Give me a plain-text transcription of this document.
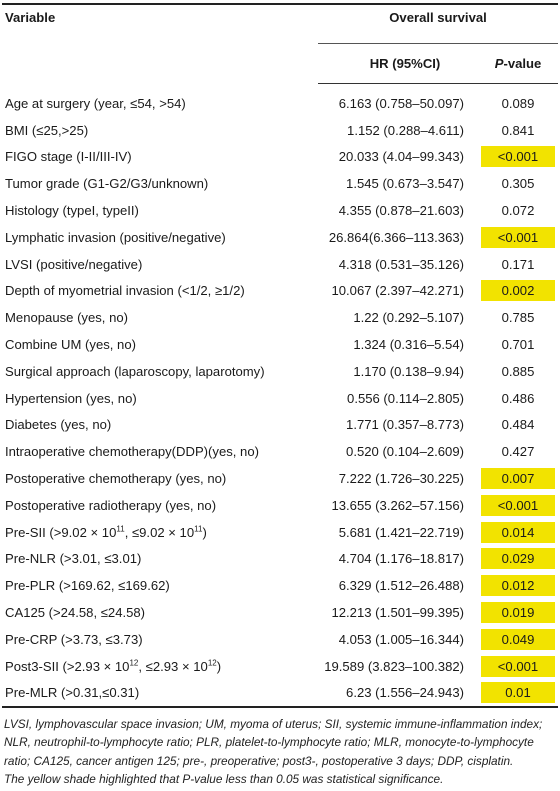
Variable	Overall survival	
	HR (95%CI)	P-value
Age at surgery (year, ≤54, >54)	6.163 (0.758–50.097)	0.089
BMI (≤25,>25)	1.152 (0.288–4.611)	0.841
FIGO stage (I-II/III-IV)	20.033 (4.04–99.343)	<0.001
Tumor grade (G1-G2/G3/unknown)	1.545 (0.673–3.547)	0.305
Histology (typeI, typeII)	4.355 (0.878–21.603)	0.072
Lymphatic invasion (positive/negative)	26.864(6.366–113.363)	<0.001
LVSI (positive/negative)	4.318 (0.531–35.126)	0.171
Depth of myometrial invasion (<1/2, ≥1/2)	10.067 (2.397–42.271)	0.002
Menopause (yes, no)	1.22 (0.292–5.107)	0.785
Combine UM (yes, no)	1.324 (0.316–5.54)	0.701
Surgical approach (laparoscopy, laparotomy)	1.170 (0.138–9.94)	0.885
Hypertension (yes, no)	0.556 (0.114–2.805)	0.486
Diabetes (yes, no)	1.771 (0.357–8.773)	0.484
Intraoperative chemotherapy(DDP)(yes, no)	0.520 (0.104–2.609)	0.427
Postoperative chemotherapy (yes, no)	7.222 (1.726–30.225)	0.007
Postoperative radiotherapy (yes, no)	13.655 (3.262–57.156)	<0.001
Pre-SII ($>9.02 \times 10^{11}$, $\le 9.02 \times 10^{11}$)	5.681 (1.421–22.719)	0.014
Pre-NLR (>3.01, ≤3.01)	4.704 (1.176–18.817)	0.029
Pre-PLR (>169.62, ≤169.62)	6.329 (1.512–26.488)	0.012
CA125 (>24.58, ≤24.58)	12.213 (1.501–99.395)	0.019
Pre-CRP (>3.73, ≤3.73)	4.053 (1.005–16.344)	0.049
Post3-SII ($>2.93 \times 10^{12}$, $\le 2.93 \times 10^{12}$)	19.589 (3.823–100.382)	<0.001
Pre-MLR (>0.31,≤0.31)	6.23 (1.556–24.943)	0.01
LVSI, lymphovascular space invasion; UM, myoma of uterus; SII, systemic immune-inflammation index; NLR, neutrophil-to-lymphocyte ratio; PLR, platelet-to-lymphocyte ratio; MLR, monocyte-to-lymphocyte ratio; CA125, cancer antigen 125; pre-, preoperative; post3-, postoperative 3 days; DDP, cisplatin.
The yellow shade highlighted that P-value less than 0.05 was statistical significance.
